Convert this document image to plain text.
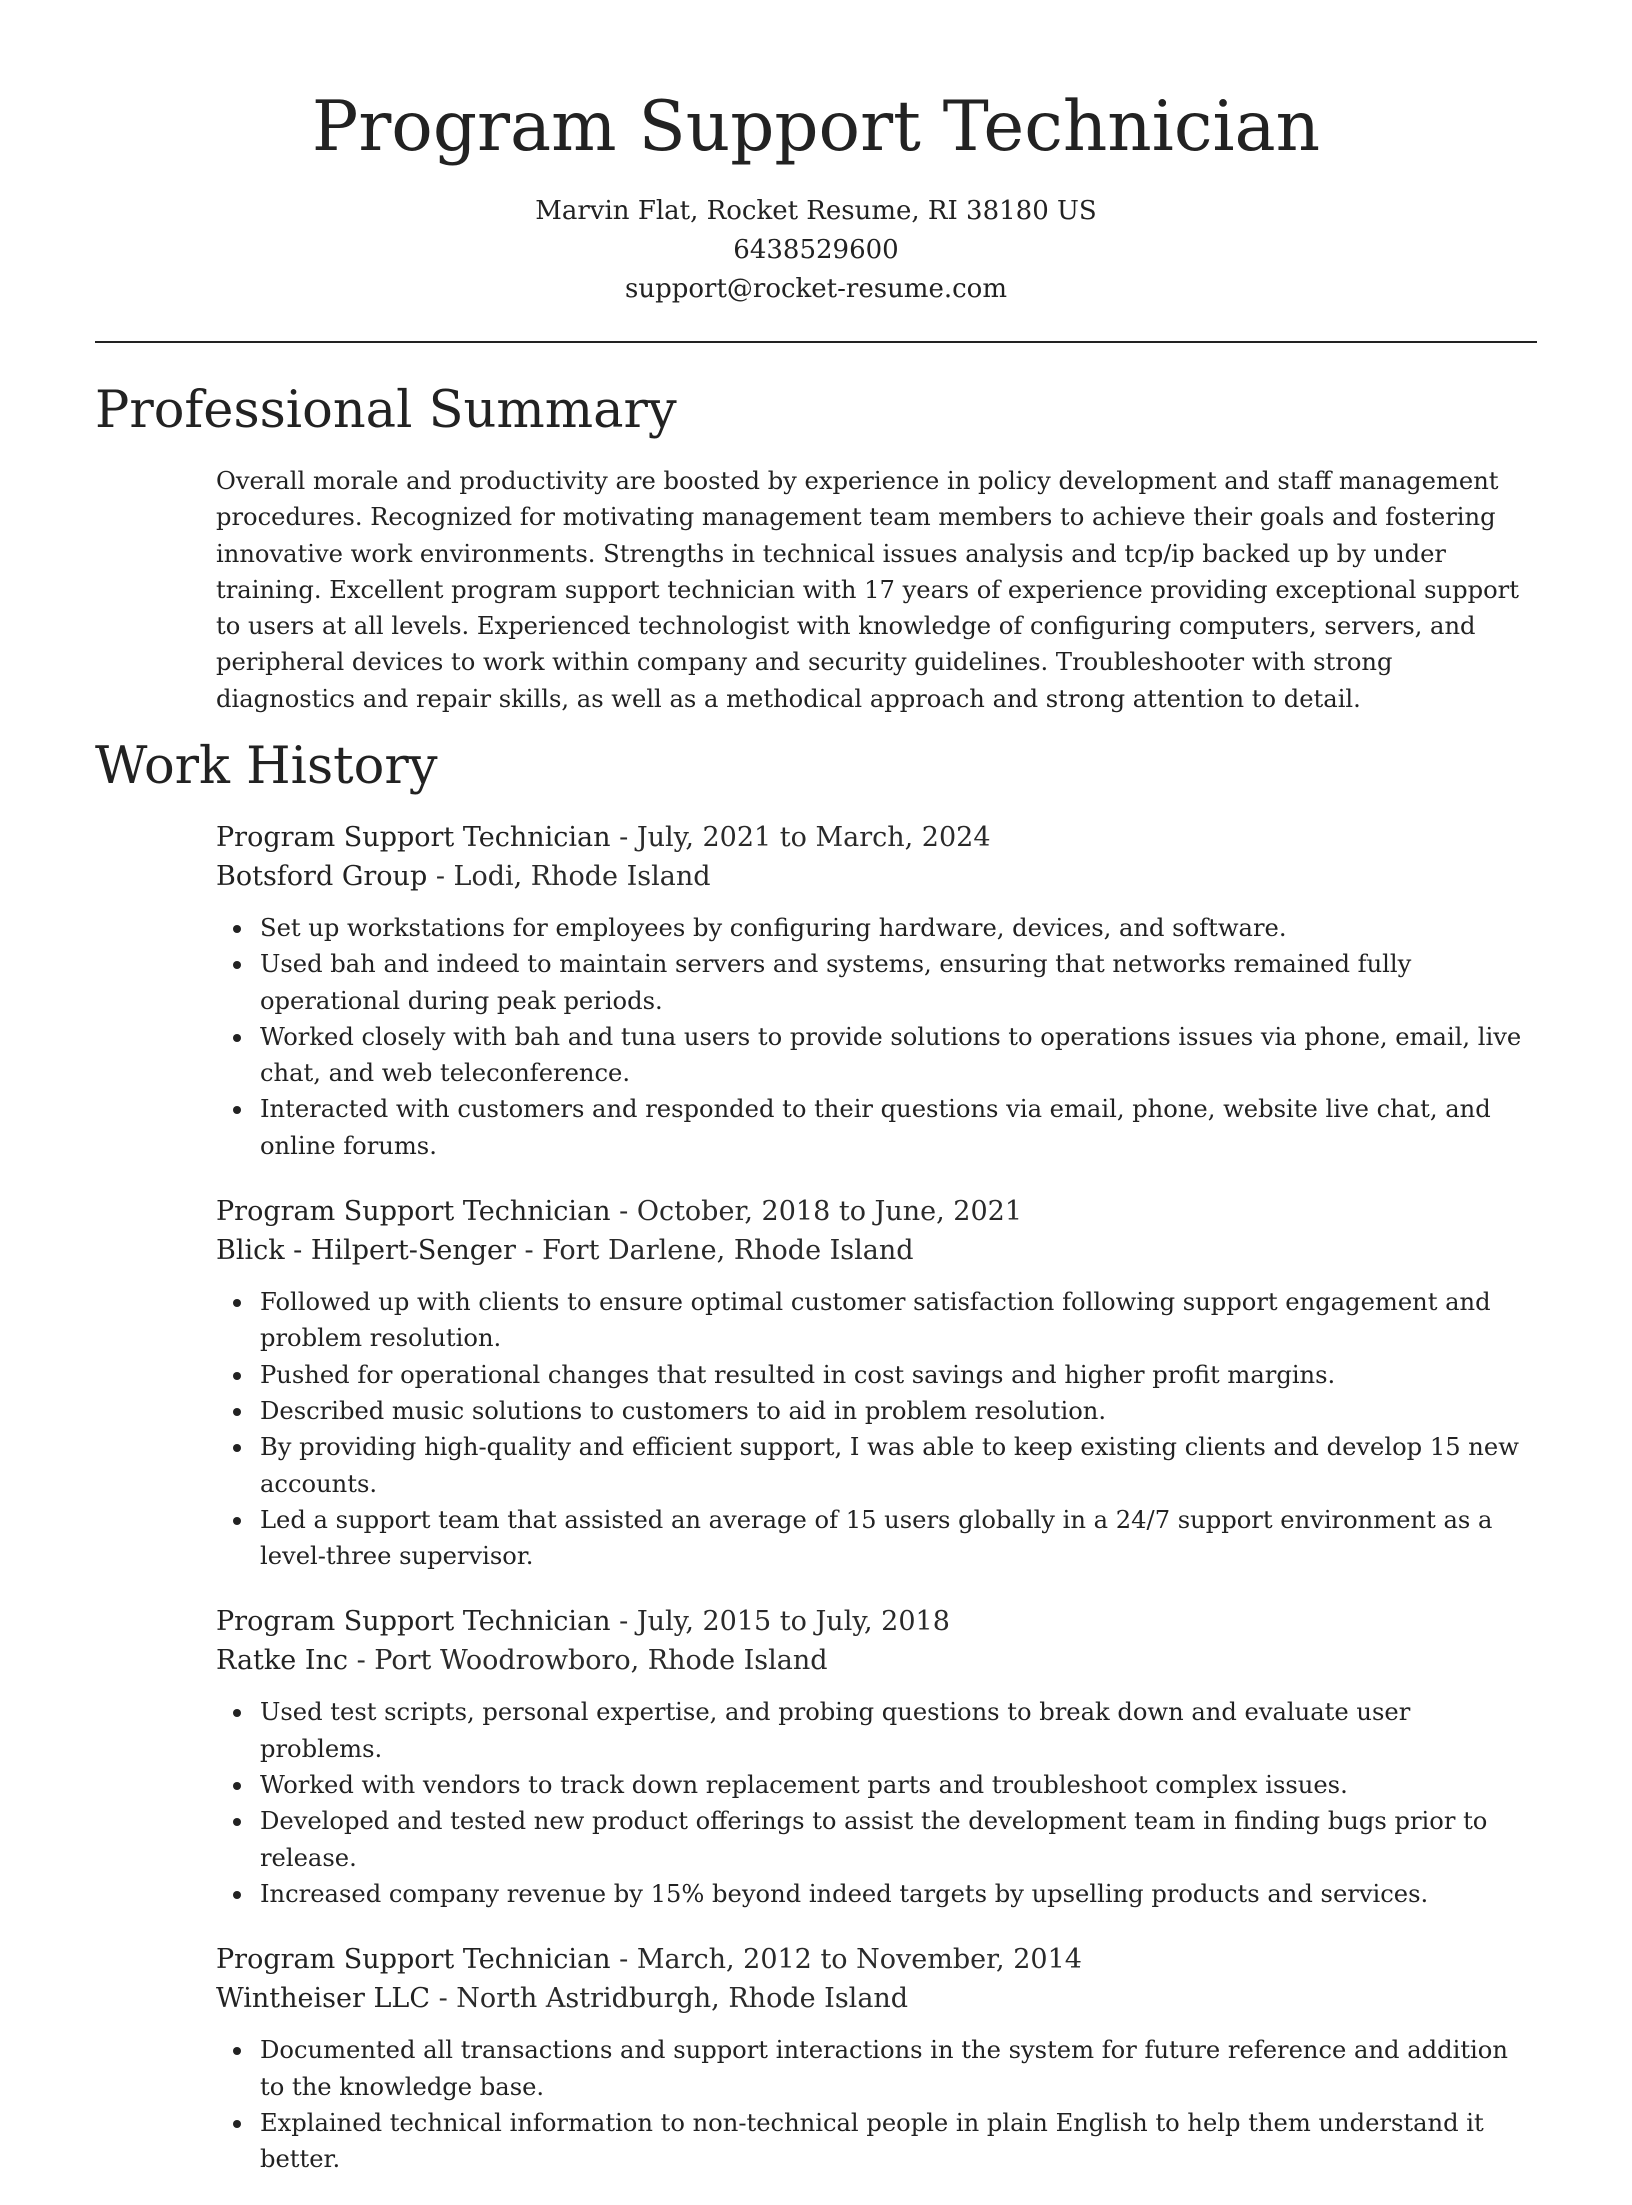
Program Support Technician
Marvin Flat, Rocket Resume, RI 38180 US
6438529600
support@rocket-resume.com
Professional Summary

Overall morale and productivity are boosted by experience in policy development and staff management procedures. Recognized for motivating management team members to achieve their goals and fostering innovative work environments. Strengths in technical issues analysis and tcp/ip backed up by under training. Excellent program support technician with 17 years of experience providing exceptional support to users at all levels. Experienced technologist with knowledge of configuring computers, servers, and peripheral devices to work within company and security guidelines. Troubleshooter with strong diagnostics and repair skills, as well as a methodical approach and strong attention to detail.

Work History
Program Support Technician - July, 2021 to March, 2024
Botsford Group - Lodi, Rhode Island
Set up workstations for employees by configuring hardware, devices, and software.
Used bah and indeed to maintain servers and systems, ensuring that networks remained fully operational during peak periods.
Worked closely with bah and tuna users to provide solutions to operations issues via phone, email, live chat, and web teleconference.
Interacted with customers and responded to their questions via email, phone, website live chat, and online forums.
Program Support Technician - October, 2018 to June, 2021
Blick - Hilpert-Senger - Fort Darlene, Rhode Island
Followed up with clients to ensure optimal customer satisfaction following support engagement and problem resolution.
Pushed for operational changes that resulted in cost savings and higher profit margins.
Described music solutions to customers to aid in problem resolution.
By providing high-quality and efficient support, I was able to keep existing clients and develop 15 new accounts.
Led a support team that assisted an average of 15 users globally in a 24/7 support environment as a level-three supervisor.
Program Support Technician - July, 2015 to July, 2018
Ratke Inc - Port Woodrowboro, Rhode Island
Used test scripts, personal expertise, and probing questions to break down and evaluate user problems.
Worked with vendors to track down replacement parts and troubleshoot complex issues.
Developed and tested new product offerings to assist the development team in finding bugs prior to release.
Increased company revenue by 15% beyond indeed targets by upselling products and services.
Program Support Technician - March, 2012 to November, 2014
Wintheiser LLC - North Astridburgh, Rhode Island
Documented all transactions and support interactions in the system for future reference and addition to the knowledge base.
Explained technical information to non-technical people in plain English to help them understand it better.
